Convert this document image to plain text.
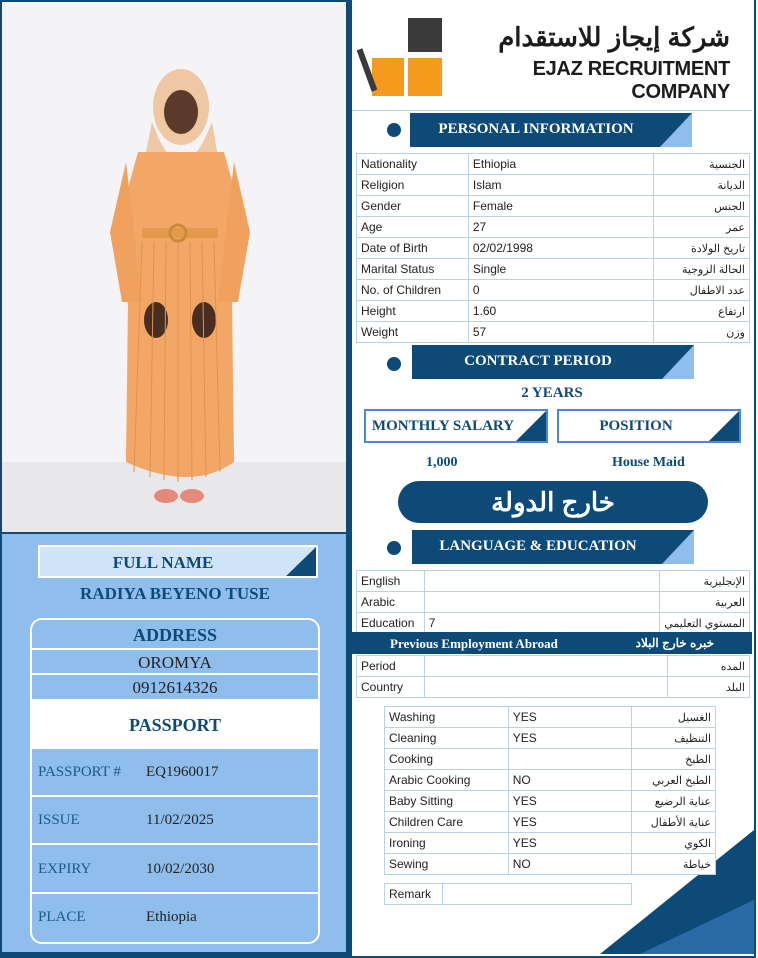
FULL NAME
RADIYA BEYENO TUSE
ADDRESS
OROMYA
0912614326
PASSPORT
PASSPORT # EQ1960017
ISSUE	11/02/2025
EXPIRY	10/02/2030
PLACE	Ethiopia
شركة إيجاز للاستقدام
EJAZ RECRUITMENT COMPANY
PERSONAL INFORMATION
Nationality	Ethiopia	الجنسية
Religion	Islam	الديانة
Gender	Female	الجنس
Age	27	عمر
Date of Birth	02/02/1998	تاريخ الولادة
Marital Status	Single	الحالة الزوجية
No. of Children	0	عدد الاطفال
Height	1.60	ارتفاع
Weight	57	وزن
CONTRACT PERIOD
2 YEARS
MONTHLY SALARY	POSITION
1,000	House Maid
خارج الدولة
LANGUAGE & EDUCATION
English		الإنجليزية
Arabic		العربية
Education	7	المستوي التعليمي
Previous Employment Abroad	خبره خارج البلاد
Period		المده
Country		البلد
Washing	YES	الغسيل
Cleaning	YES	التنظيف
Cooking		الطبخ
Arabic Cooking	NO	الطبخ العربي
Baby Sitting	YES	عناية الرضيع
Children Care	YES	عناية الأطفال
Ironing	YES	الكوي
Sewing	NO	خياطة
Remark	
